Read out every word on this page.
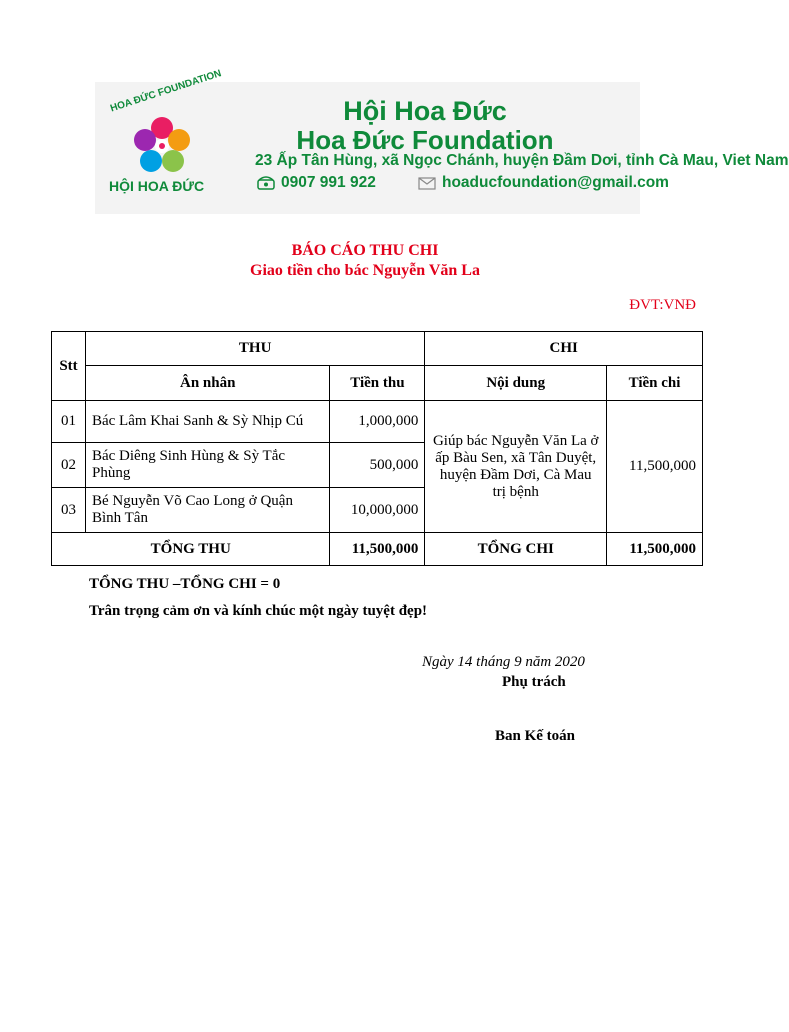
HOA ĐỨC FOUNDATION
HỘI HOA ĐỨC
Hội Hoa Đức
Hoa Đức Foundation
23 Ấp Tân Hùng, xã Ngọc Chánh, huyện Đầm Dơi, tỉnh Cà Mau, Viet Nam
0907 991 922	hoaducfoundation@gmail.com
BÁO CÁO THU CHI
Giao tiền cho bác Nguyễn Văn La
ĐVT:VNĐ
Stt	THU		CHI	
	Ân nhân	Tiền thu	Nội dung	Tiền chi
01	Bác Lâm Khai Sanh & Sỳ Nhịp Cú	1,000,000	Giúp bác Nguyễn Văn La ở ấp Bàu Sen, xã Tân Duyệt, huyện Đầm Dơi, Cà Mau trị bệnh	11,500,000
02	Bác Diêng Sinh Hùng & Sỳ Tắc Phùng	500,000		
03	Bé Nguyễn Võ Cao Long ở Quận Bình Tân	10,000,000		
TỔNG THU		11,500,000	TỔNG CHI	11,500,000
TỔNG THU –TỔNG CHI = 0
Trân trọng cảm ơn và kính chúc một ngày tuyệt đẹp!
Ngày 14 tháng 9 năm 2020
Phụ trách
Ban Kế toán
